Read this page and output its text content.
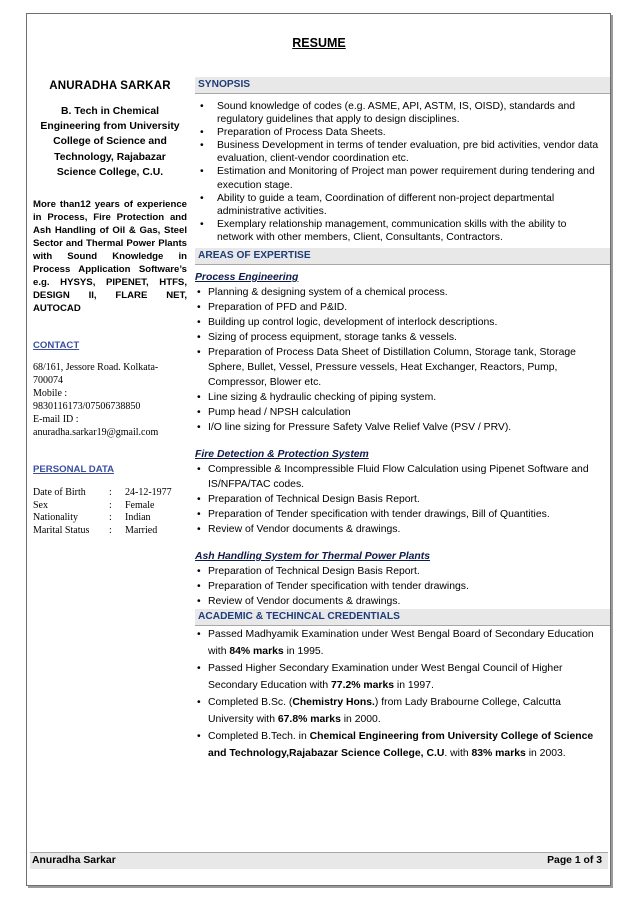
RESUME
ANURADHA SARKAR
B. Tech in Chemical
Engineering from University
College of Science and
Technology, Rajabazar
Science College, C.U.
More than12 years of experience in Process, Fire Protection and Ash Handling of Oil & Gas, Steel Sector and Thermal Power Plants with Sound Knowledge in Process Application Software’s e.g. HYSYS, PIPENET, HTFS, DESIGN II, FLARE NET, AUTOCAD
CONTACT
68/161, Jessore Road. Kolkata-
700074
Mobile :
9830116173/07506738850
E-mail ID :
anuradha.sarkar19@gmail.com
PERSONAL DATA
Date of Birth	:	24-12-1977
Sex	:	Female
Nationality	:	Indian
Marital Status	:	Married
SYNOPSIS
• Sound knowledge of codes (e.g. ASME, API, ASTM, IS, OISD), standards and regulatory guidelines that apply to design disciplines.
• Preparation of Process Data Sheets.
• Business Development in terms of tender evaluation, pre bid activities, vendor data evaluation, client-vendor coordination etc.
• Estimation and Monitoring of Project man power requirement during tendering and execution stage.
• Ability to guide a team, Coordination of different non-project departmental administrative activities.
• Exemplary relationship management, communication skills with the ability to network with other members, Client, Consultants, Contractors.
AREAS OF EXPERTISE
Process Engineering
• Planning & designing system of a chemical process.
• Preparation of PFD and P&ID.
• Building up control logic, development of interlock descriptions.
• Sizing of process equipment, storage tanks & vessels.
• Preparation of Process Data Sheet of Distillation Column, Storage tank, Storage Sphere, Bullet, Vessel, Pressure vessels, Heat Exchanger, Reactors, Pump, Compressor, Blower etc.
• Line sizing & hydraulic checking of piping system.
• Pump head / NPSH calculation
• I/O line sizing for Pressure Safety Valve Relief Valve (PSV / PRV).
Fire Detection & Protection System
• Compressible & Incompressible Fluid Flow Calculation using Pipenet Software and IS/NFPA/TAC codes.
• Preparation of Technical Design Basis Report.
• Preparation of Tender specification with tender drawings, Bill of Quantities.
• Review of Vendor documents & drawings.
Ash Handling System for Thermal Power Plants
• Preparation of Technical Design Basis Report.
• Preparation of Tender specification with tender drawings.
• Review of Vendor documents & drawings.
ACADEMIC & TECHINCAL CREDENTIALS
• Passed Madhyamik Examination under West Bengal Board of Secondary Education with 84% marks in 1995.
• Passed Higher Secondary Examination under West Bengal Council of Higher Secondary Education with 77.2% marks in 1997.
• Completed B.Sc. (Chemistry Hons.) from Lady Brabourne College, Calcutta University with 67.8% marks in 2000.
• Completed B.Tech. in Chemical Engineering from University College of Science and Technology,Rajabazar Science College, C.U. with 83% marks in 2003.
Anuradha Sarkar	Page 1 of 3
